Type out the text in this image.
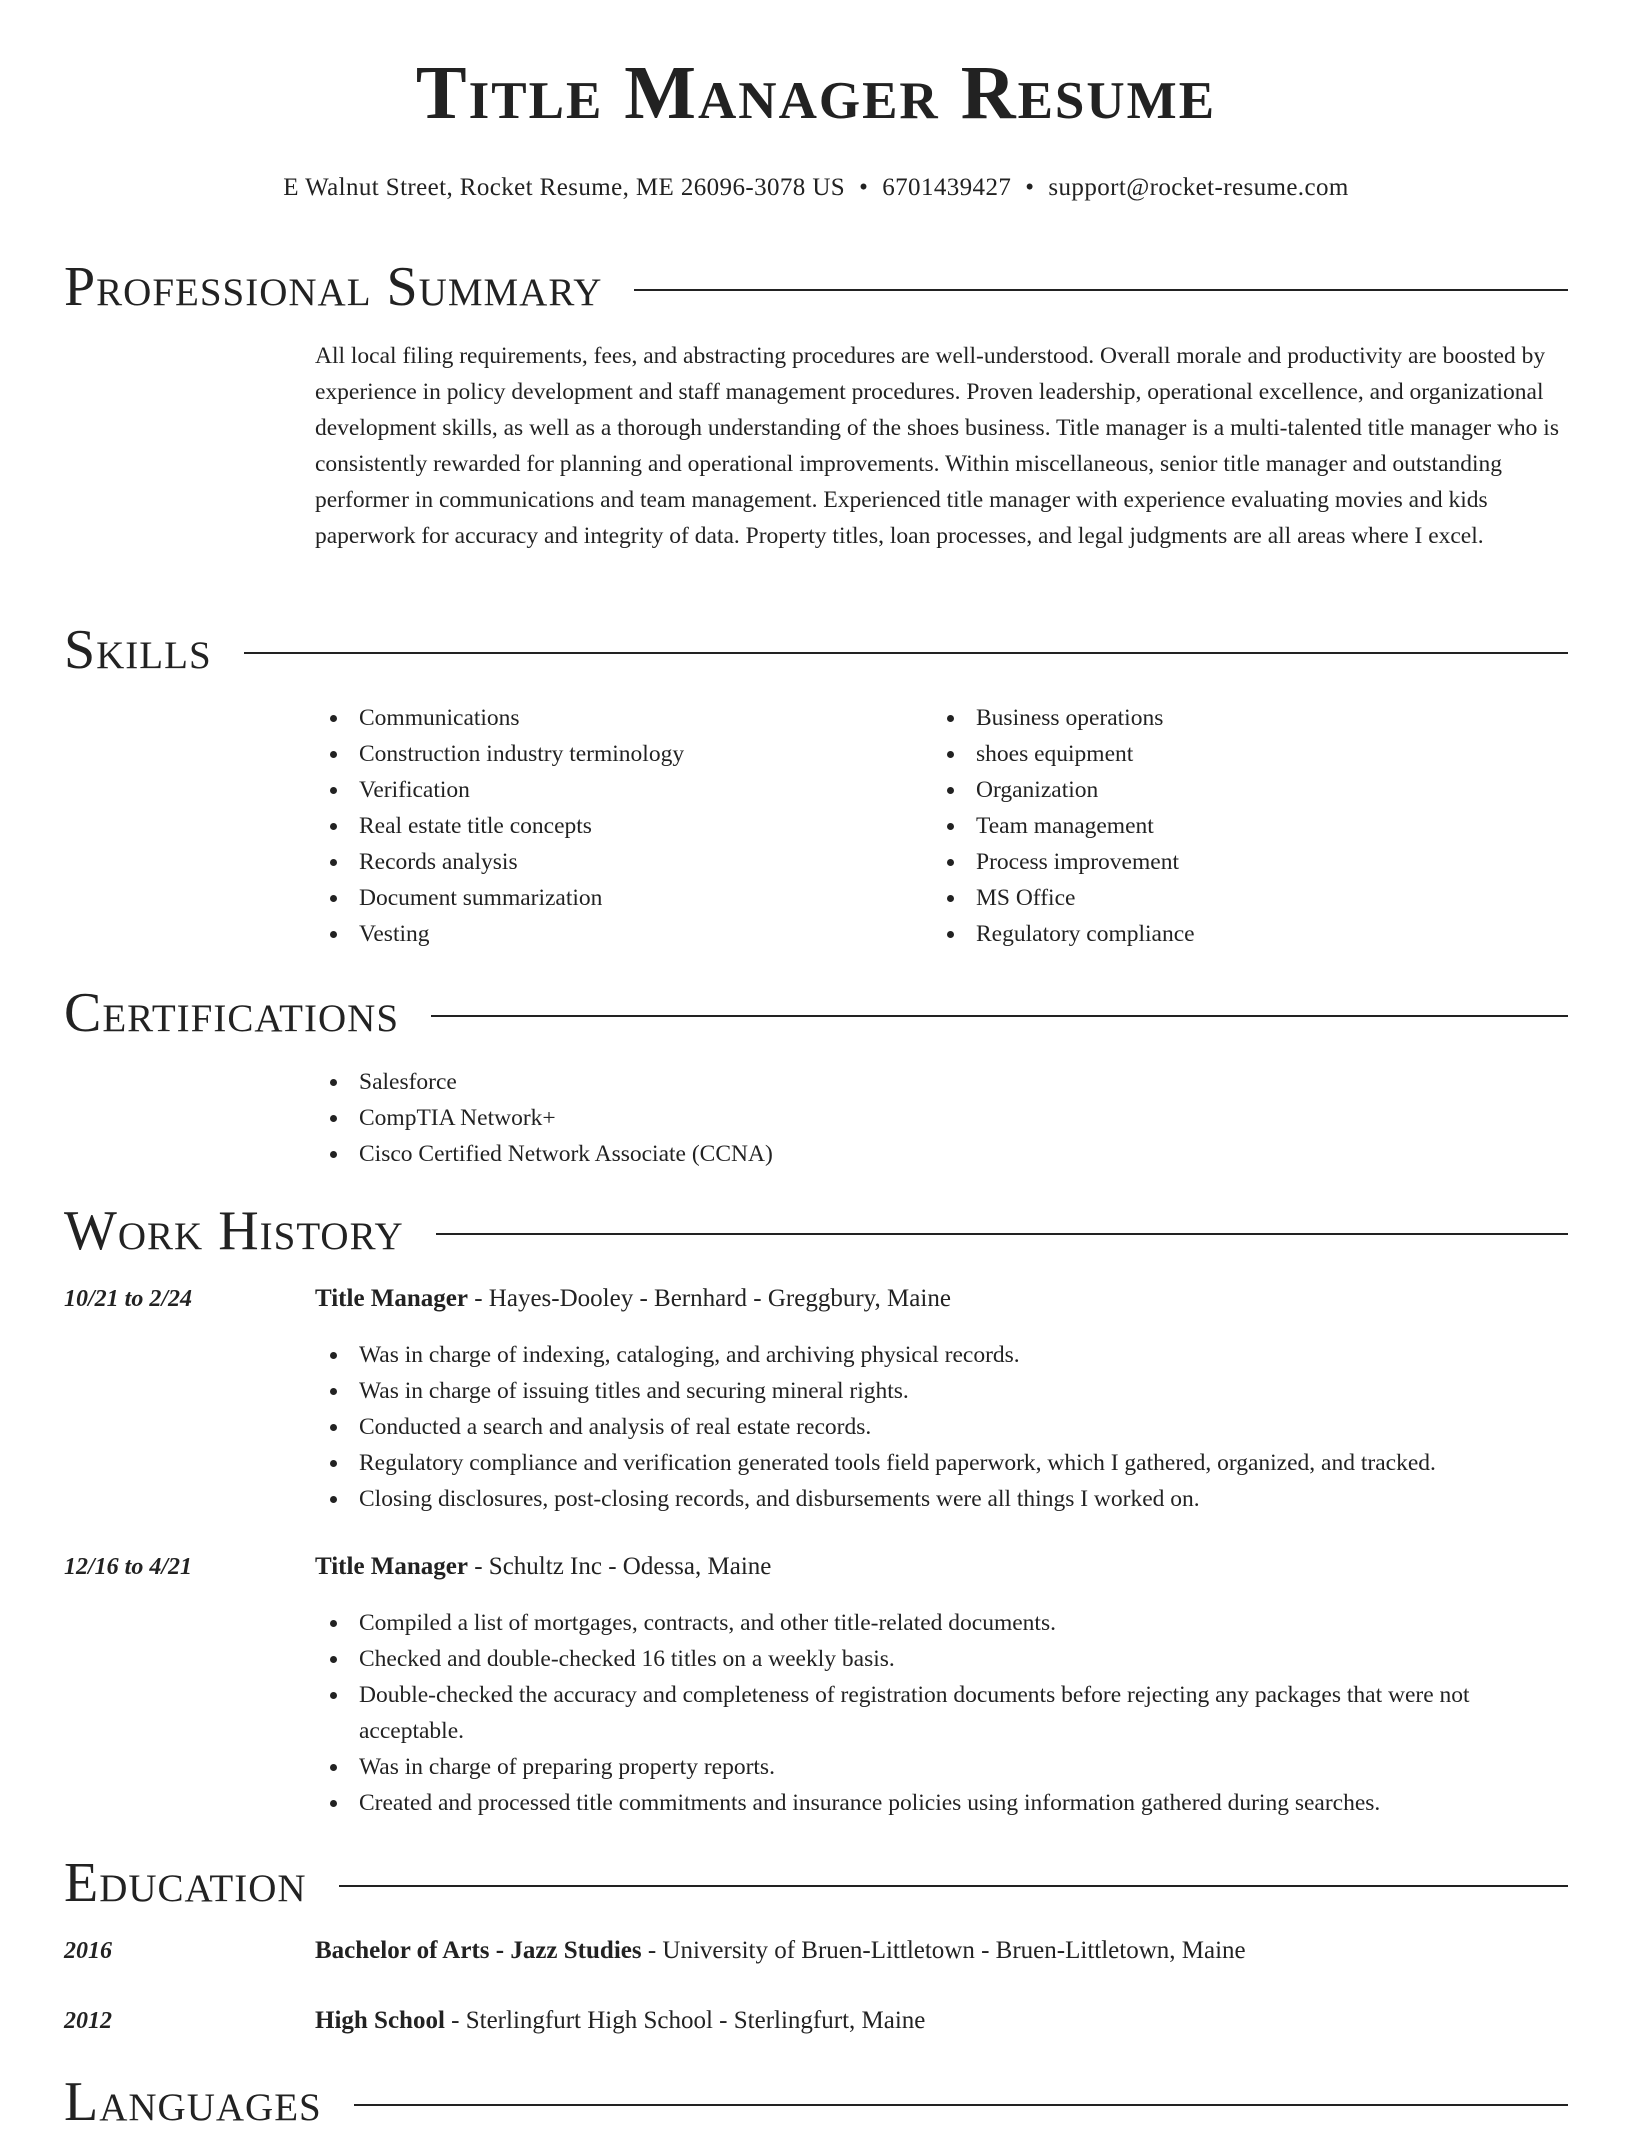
Title Manager Resume
E Walnut Street, Rocket Resume, ME 26096-3078 US • 6701439427 • support@rocket-resume.com
Professional Summary

All local filing requirements, fees, and abstracting procedures are well-understood. Overall morale and productivity are boosted by experience in policy development and staff management procedures. Proven leadership, operational excellence, and organizational development skills, as well as a thorough understanding of the shoes business. Title manager is a multi-talented title manager who is consistently rewarded for planning and operational improvements. Within miscellaneous, senior title manager and outstanding performer in communications and team management. Experienced title manager with experience evaluating movies and kids paperwork for accuracy and integrity of data. Property titles, loan processes, and legal judgments are all areas where I excel.

Skills
Communications
Construction industry terminology
Verification
Real estate title concepts
Records analysis
Document summarization
Vesting
Business operations
shoes equipment
Organization
Team management
Process improvement
MS Office
Regulatory compliance
Certifications
Salesforce
CompTIA Network+
Cisco Certified Network Associate (CCNA)
Work History
10/21 to 2/24	Title Manager - Hayes-Dooley - Bernhard - Greggbury, Maine
Was in charge of indexing, cataloging, and archiving physical records.
Was in charge of issuing titles and securing mineral rights.
Conducted a search and analysis of real estate records.
Regulatory compliance and verification generated tools field paperwork, which I gathered, organized, and tracked.
Closing disclosures, post-closing records, and disbursements were all things I worked on.
12/16 to 4/21	Title Manager - Schultz Inc - Odessa, Maine
Compiled a list of mortgages, contracts, and other title-related documents.
Checked and double-checked 16 titles on a weekly basis.
Double-checked the accuracy and completeness of registration documents before rejecting any packages that were not acceptable.
Was in charge of preparing property reports.
Created and processed title commitments and insurance policies using information gathered during searches.
Education
2016	Bachelor of Arts - Jazz Studies - University of Bruen-Littletown - Bruen-Littletown, Maine
2012	High School - Sterlingfurt High School - Sterlingfurt, Maine
Languages
